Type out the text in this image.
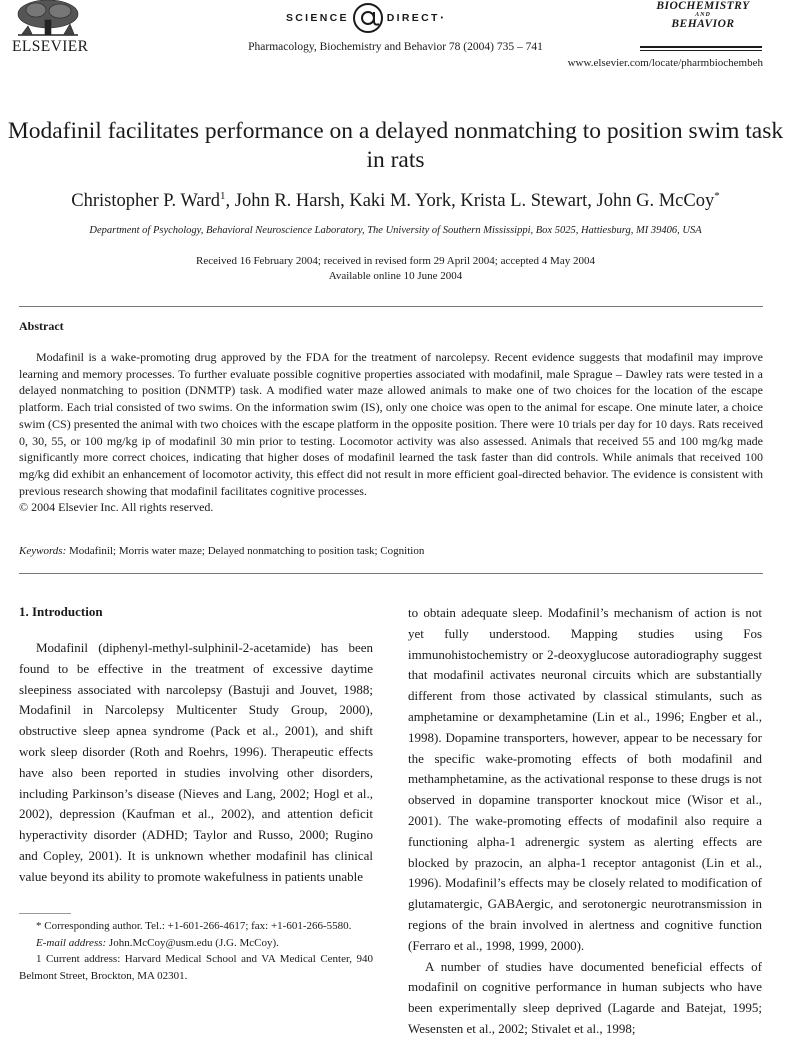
ELSEVIER
SCIENCE	DIRECT •
Pharmacology, Biochemistry and Behavior 78 (2004) 735 – 741
BIOCHEMISTRY
AND
BEHAVIOR
www.elsevier.com/locate/pharmbiochembeh
Modafinil facilitates performance on a delayed nonmatching to position swim task in rats
Christopher P. Ward$^1$, John R. Harsh, Kaki M. York, Krista L. Stewart, John G. McCoy*
Department of Psychology, Behavioral Neuroscience Laboratory, The University of Southern Mississippi, Box 5025, Hattiesburg, MI 39406, USA
Received 16 February 2004; received in revised form 29 April 2004; accepted 4 May 2004
Available online 10 June 2004
Abstract
Modafinil is a wake-promoting drug approved by the FDA for the treatment of narcolepsy. Recent evidence suggests that modafinil may improve learning and memory processes. To further evaluate possible cognitive properties associated with modafinil, male Sprague – Dawley rats were tested in a delayed nonmatching to position (DNMTP) task. A modified water maze allowed animals to make one of two choices for the location of the escape platform. Each trial consisted of two swims. On the information swim (IS), only one choice was open to the animal for escape. One minute later, a choice swim (CS) presented the animal with two choices with the escape platform in the opposite position. There were 10 trials per day for 10 days. Rats received 0, 30, 55, or 100 mg/kg ip of modafinil 30 min prior to testing. Locomotor activity was also assessed. Animals that received 55 and 100 mg/kg made significantly more correct choices, indicating that higher doses of modafinil learned the task faster than did controls. While animals that received 100 mg/kg did exhibit an enhancement of locomotor activity, this effect did not result in more efficient goal-directed behavior. The evidence is consistent with previous research showing that modafinil facilitates cognitive processes.
© 2004 Elsevier Inc. All rights reserved.
Keywords: Modafinil; Morris water maze; Delayed nonmatching to position task; Cognition
1. Introduction
Modafinil (diphenyl-methyl-sulphinil-2-acetamide) has been found to be effective in the treatment of excessive daytime sleepiness associated with narcolepsy (Bastuji and Jouvet, 1988; Modafinil in Narcolepsy Multicenter Study Group, 2000), obstructive sleep apnea syndrome (Pack et al., 2001), and shift work sleep disorder (Roth and Roehrs, 1996). Therapeutic effects have also been reported in studies involving other disorders, including Parkinson’s disease (Nieves and Lang, 2002; Hogl et al., 2002), depression (Kaufman et al., 2002), and attention deficit hyperactivity disorder (ADHD; Taylor and Russo, 2000; Rugino and Copley, 2001). It is unknown whether modafinil has clinical value beyond its ability to promote wakefulness in patients unable
to obtain adequate sleep. Modafinil’s mechanism of action is not yet fully understood. Mapping studies using Fos immunohistochemistry or 2-deoxyglucose autoradiography suggest that modafinil activates neuronal circuits which are substantially different from those activated by classical stimulants, such as amphetamine or dexamphetamine (Lin et al., 1996; Engber et al., 1998). Dopamine transporters, however, appear to be necessary for the specific wake-promoting effects of both modafinil and methamphetamine, as the activational response to these drugs is not observed in dopamine transporter knockout mice (Wisor et al., 2001). The wake-promoting effects of modafinil also require a functioning alpha-1 adrenergic system as alerting effects are blocked by prazocin, an alpha-1 receptor antagonist (Lin et al., 1996). Modafinil’s effects may be closely related to modification of glutamatergic, GABAergic, and serotonergic neurotransmission in regions of the brain involved in alertness and cognitive function (Ferraro et al., 1998, 1999, 2000).
A number of studies have documented beneficial effects of modafinil on cognitive performance in human subjects who have been experimentally sleep deprived (Lagarde and Batejat, 1995; Wesensten et al., 2002; Stivalet et al., 1998;
* Corresponding author. Tel.: +1-601-266-4617; fax: +1-601-266-5580.
E-mail address: John.McCoy@usm.edu (J.G. McCoy).
1 Current address: Harvard Medical School and VA Medical Center, 940 Belmont Street, Brockton, MA 02301.
